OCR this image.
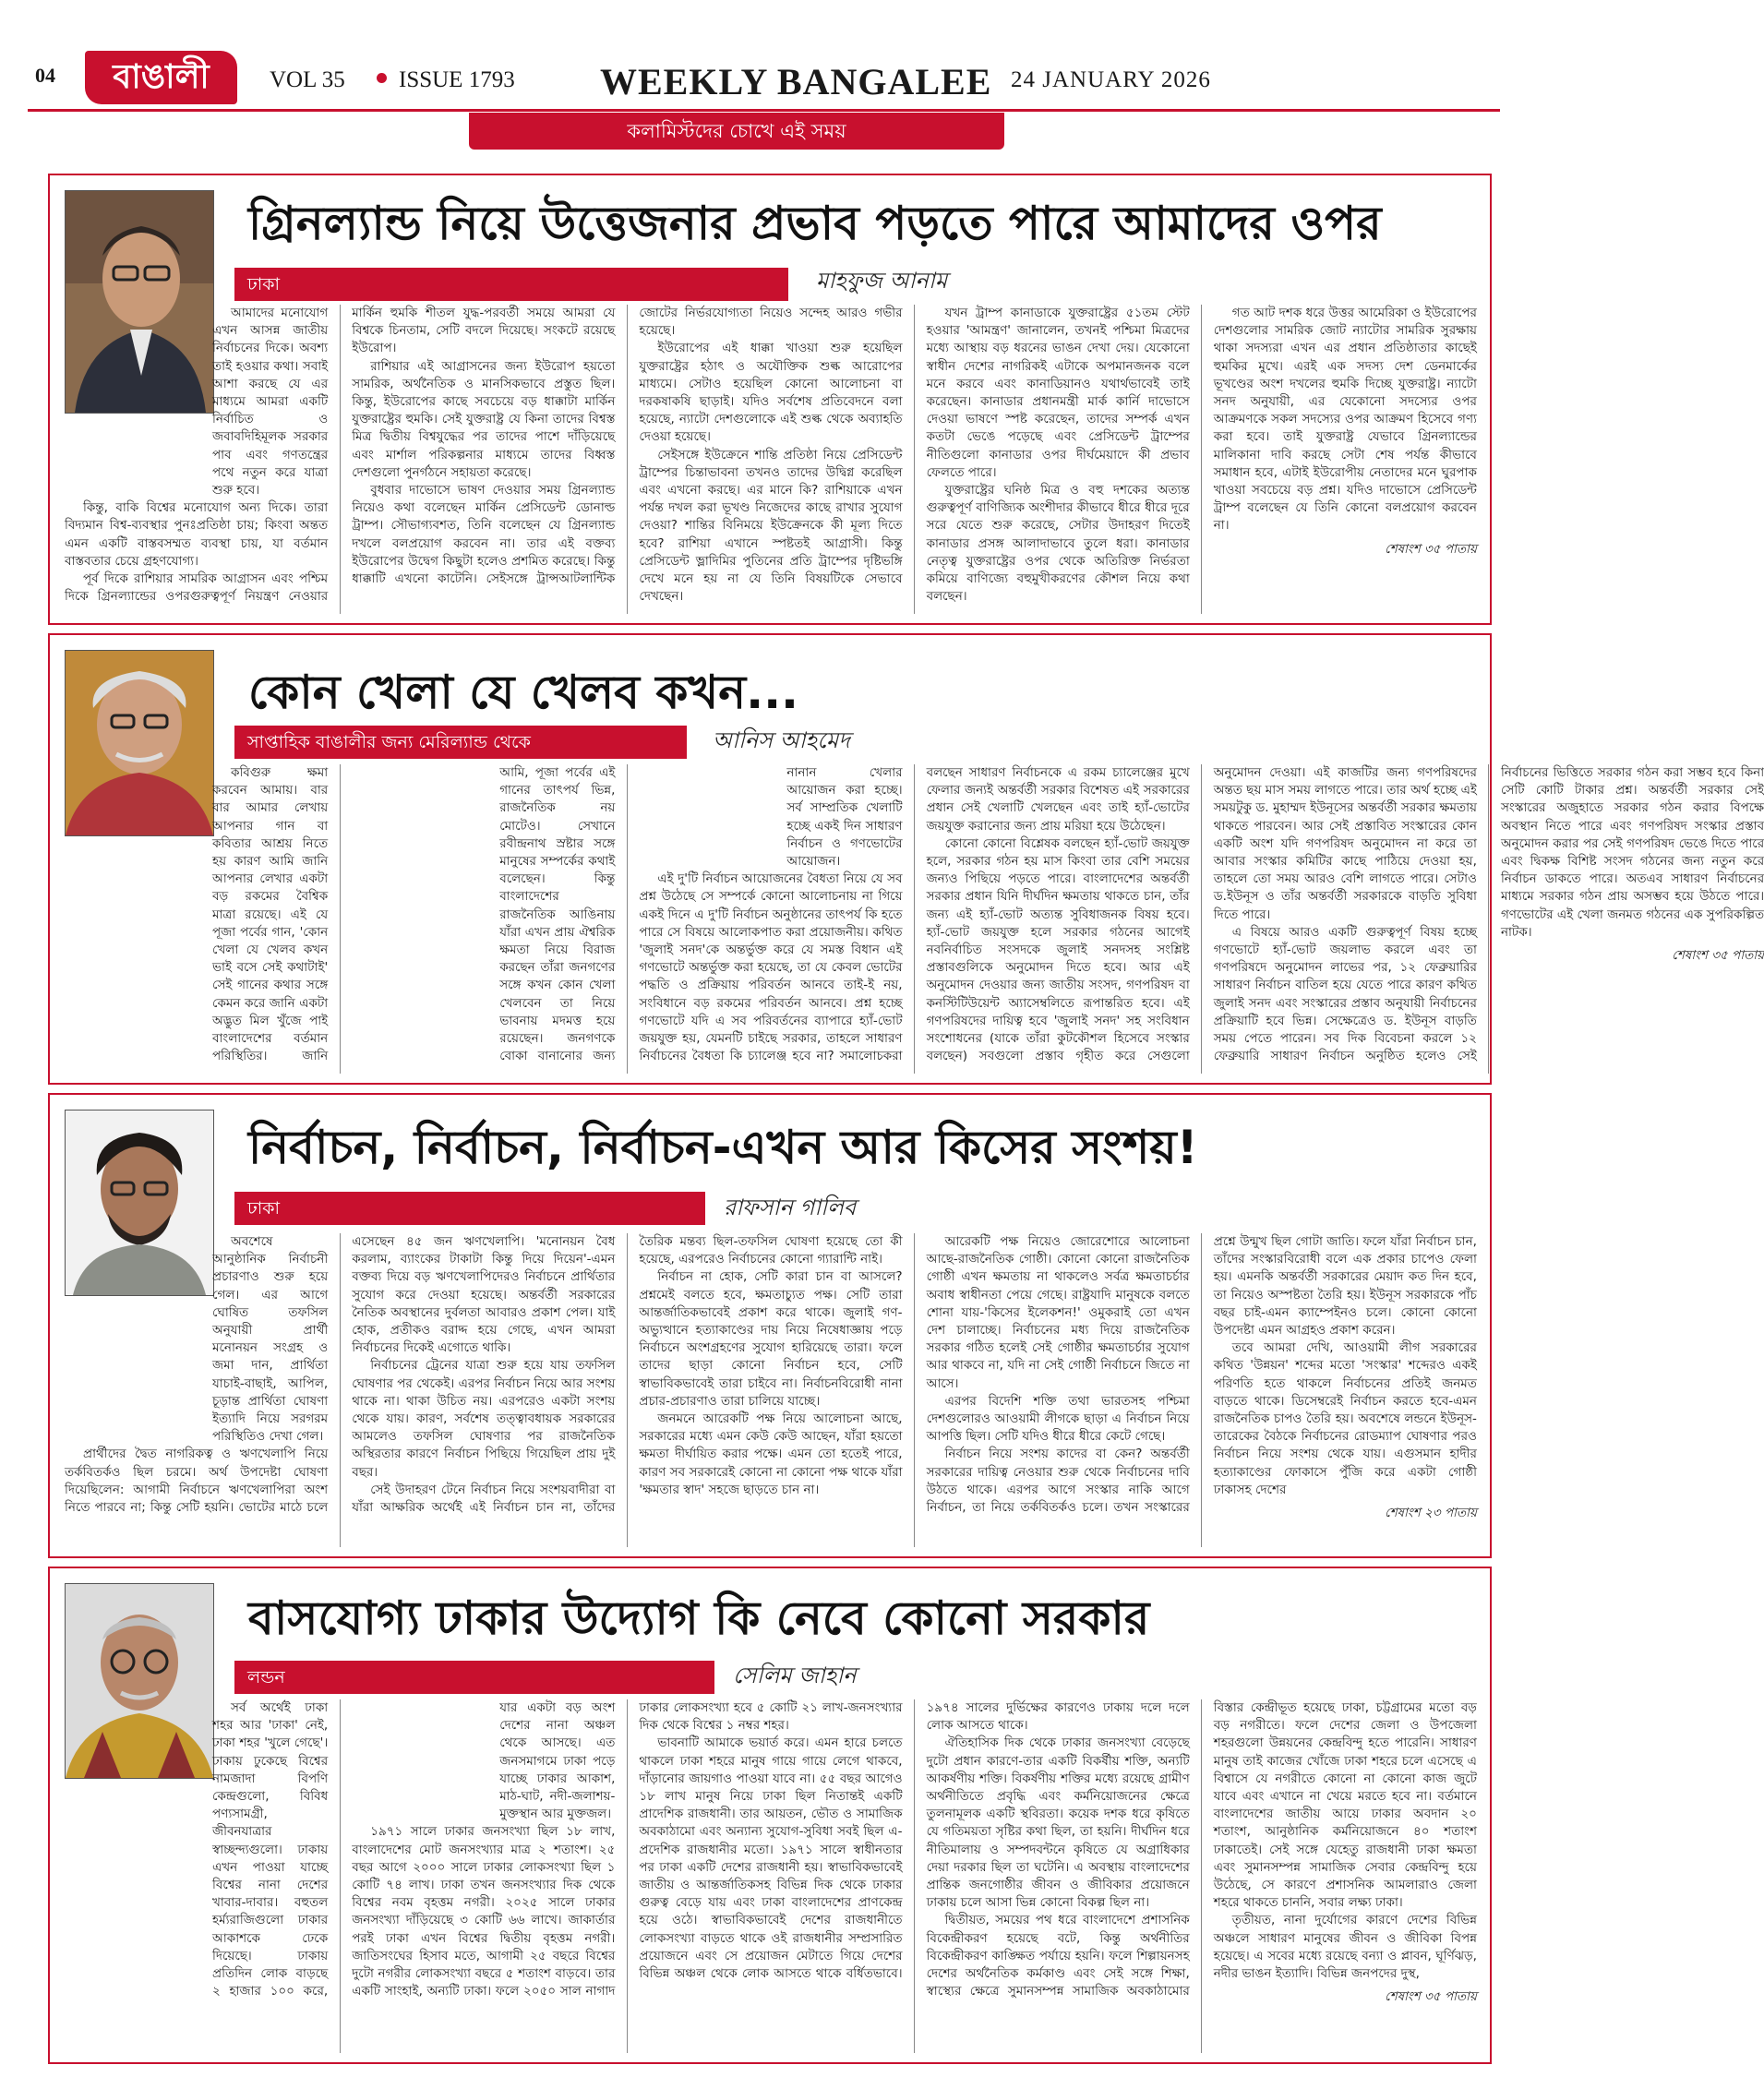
04	বাঙালী	VOL 35 ISSUE 1793 WEEKLY BANGALEE 24 JANUARY 2026
কলামিস্টদের চোখে এই সময়
গ্রিনল্যান্ড নিয়ে উত্তেজনার প্রভাব পড়তে পারে আমাদের ওপর
ঢাকা	মাহফুজ আনাম

আমাদের মনোযোগ এখন আসন্ন জাতীয় নির্বাচনের দিকে। অবশ্য তাই হওয়ার কথা। সবাই আশা করছে যে এর মাধ্যমে আমরা একটি নির্বাচিত ও জবাবদিহিমূলক সরকার পাব এবং গণতন্ত্রের পথে নতুন করে যাত্রা শুরু হবে।

কিন্তু, বাকি বিশ্বের মনোযোগ অন্য দিকে। তারা বিদ্যমান বিশ্ব-ব্যবস্থার পুনঃপ্রতিষ্ঠা চায়; কিংবা অন্তত এমন একটি বাস্তবসম্মত ব্যবস্থা চায়, যা বর্তমান বাস্তবতার চেয়ে গ্রহণযোগ্য।

পূর্ব দিকে রাশিয়ার সামরিক আগ্রাসন এবং পশ্চিম দিকে গ্রিনল্যান্ডের ওপরগুরুত্বপূর্ণ নিয়ন্ত্রণ নেওয়ার মার্কিন হুমকি শীতল যুদ্ধ-পরবর্তী সময়ে আমরা যে বিশ্বকে চিনতাম, সেটি বদলে দিয়েছে। সংকটে রয়েছে ইউরোপ।

রাশিয়ার এই আগ্রাসনের জন্য ইউরোপ হয়তো সামরিক, অর্থনৈতিক ও মানসিকভাবে প্রস্তুত ছিল। কিন্তু, ইউরোপের কাছে সবচেয়ে বড় ধাক্কাটা মার্কিন যুক্তরাষ্ট্রের হুমকি। সেই যুক্তরাষ্ট্র যে কিনা তাদের বিশ্বস্ত মিত্র দ্বিতীয় বিশ্বযুদ্ধের পর তাদের পাশে দাঁড়িয়েছে এবং মার্শাল পরিকল্পনার মাধ্যমে তাদের বিধ্বস্ত দেশগুলো পুনর্গঠনে সহায়তা করেছে।

বুধবার দাভোসে ভাষণ দেওয়ার সময় গ্রিনল্যান্ড নিয়েও কথা বলেছেন মার্কিন প্রেসিডেন্ট ডোনাল্ড ট্রাম্প। সৌভাগ্যবশত, তিনি বলেছেন যে গ্রিনল্যান্ড দখলে বলপ্রয়োগ করবেন না। তার এই বক্তব্য ইউরোপের উদ্বেগ কিছুটা হলেও প্রশমিত করেছে। কিন্তু ধাক্কাটি এখনো কাটেনি। সেইসঙ্গে ট্রান্সআটলান্টিক জোটের নির্ভরযোগ্যতা নিয়েও সন্দেহ আরও গভীর হয়েছে।

ইউরোপের এই ধাক্কা খাওয়া শুরু হয়েছিল যুক্তরাষ্ট্রের হঠাৎ ও অযৌক্তিক শুল্ক আরোপের মাধ্যমে। সেটাও হয়েছিল কোনো আলোচনা বা দরকষাকষি ছাড়াই। যদিও সর্বশেষ প্রতিবেদনে বলা হয়েছে, ন্যাটো দেশগুলোকে এই শুল্ক থেকে অব্যাহতি দেওয়া হয়েছে।

সেইসঙ্গে ইউক্রেনে শান্তি প্রতিষ্ঠা নিয়ে প্রেসিডেন্ট ট্রাম্পের চিন্তাভাবনা তখনও তাদের উদ্বিগ্ন করেছিল এবং এখনো করছে। এর মানে কি? রাশিয়াকে এখন পর্যন্ত দখল করা ভূখণ্ড নিজেদের কাছে রাখার সুযোগ দেওয়া? শান্তির বিনিময়ে ইউক্রেনকে কী মূল্য দিতে হবে? রাশিয়া এখানে স্পষ্টতই আগ্রাসী। কিন্তু প্রেসিডেন্ট ভ্লাদিমির পুতিনের প্রতি ট্রাম্পের দৃষ্টিভঙ্গি দেখে মনে হয় না যে তিনি বিষয়টিকে সেভাবে দেখছেন।

যখন ট্রাম্প কানাডাকে যুক্তরাষ্ট্রের ৫১তম স্টেট হওয়ার 'আমন্ত্রণ' জানালেন, তখনই পশ্চিমা মিত্রদের মধ্যে আস্থায় বড় ধরনের ভাঙন দেখা দেয়। যেকোনো স্বাধীন দেশের নাগরিকই এটাকে অপমানজনক বলে মনে করবে এবং কানাডিয়ানও যথার্থভাবেই তাই করেছেন। কানাডার প্রধানমন্ত্রী মার্ক কার্নি দাভোসে দেওয়া ভাষণে স্পষ্ট করেছেন, তাদের সম্পর্ক এখন কতটা ভেঙে পড়েছে এবং প্রেসিডেন্ট ট্রাম্পের নীতিগুলো কানাডার ওপর দীর্ঘমেয়াদে কী প্রভাব ফেলতে পারে।

যুক্তরাষ্ট্রের ঘনিষ্ঠ মিত্র ও বহু দশকের অত্যন্ত গুরুত্বপূর্ণ বাণিজ্যিক অংশীদার কীভাবে ধীরে ধীরে দূরে সরে যেতে শুরু করেছে, সেটার উদাহরণ দিতেই কানাডার প্রসঙ্গ আলাদাভাবে তুলে ধরা। কানাডার নেতৃত্ব যুক্তরাষ্ট্রের ওপর থেকে অতিরিক্ত নির্ভরতা কমিয়ে বাণিজ্যে বহুমুখীকরণের কৌশল নিয়ে কথা বলছেন।

গত আট দশক ধরে উত্তর আমেরিকা ও ইউরোপের দেশগুলোর সামরিক জোট ন্যাটোর সামরিক সুরক্ষায় থাকা সদস্যরা এখন এর প্রধান প্রতিষ্ঠাতার কাছেই হুমকির মুখে। এরই এক সদস্য দেশ ডেনমার্কের ভূখণ্ডের অংশ দখলের হুমকি দিচ্ছে যুক্তরাষ্ট্র। ন্যাটো সনদ অনুযায়ী, এর যেকোনো সদস্যের ওপর আক্রমণকে সকল সদস্যের ওপর আক্রমণ হিসেবে গণ্য করা হবে। তাই যুক্তরাষ্ট্র যেভাবে গ্রিনল্যান্ডের মালিকানা দাবি করছে সেটা শেষ পর্যন্ত কীভাবে সমাধান হবে, এটাই ইউরোপীয় নেতাদের মনে ঘুরপাক খাওয়া সবচেয়ে বড় প্রশ্ন। যদিও দাভোসে প্রেসিডেন্ট ট্রাম্প বলেছেন যে তিনি কোনো বলপ্রয়োগ করবেন না।

শেষাংশ ৩৫ পাতায়

কোন খেলা যে খেলব কখন...
সাপ্তাহিক বাঙালীর জন্য মেরিল্যান্ড থেকে	আনিস আহমেদ

কবিগুরু ক্ষমা করবেন আমায়। বার বার আমার লেখায় আপনার গান বা কবিতার আশ্রয় নিতে হয় কারণ আমি জানি আপনার লেখার একটা বড় রকমের বৈশ্বিক মাত্রা রয়েছে। এই যে পূজা পর্বের গান, 'কোন খেলা যে খেলব কখন ভাই বসে সেই কথাটাই' সেই গানের কথার সঙ্গে কেমন করে জানি একটা অদ্ভুত মিল খুঁজে পাই বাংলাদেশের বর্তমান পরিস্থিতির। জানি আমি, পূজা পর্বের এই গানের তাৎপর্য ভিন্ন, রাজনৈতিক নয় মোটেও। সেখানে রবীন্দ্রনাথ স্রষ্টার সঙ্গে মানুষের সম্পর্কের কথাই বলেছেন। কিন্তু বাংলাদেশের রাজনৈতিক আঙিনায় যাঁরা এখন প্রায় ঐশ্বরিক ক্ষমতা নিয়ে বিরাজ করছেন তাঁরা জনগণের সঙ্গে কখন কোন খেলা খেলবেন তা নিয়ে ভাবনায় মদমত্ত হয়ে রয়েছেন। জনগণকে বোকা বানানোর জন্য নানান খেলার আয়োজন করা হচ্ছে। সর্ব সাম্প্রতিক খেলাটি হচ্ছে একই দিন সাধারণ নির্বাচন ও গণভোটের আয়োজন।

এই দু'টি নির্বাচন আয়োজনের বৈধতা নিয়ে যে সব প্রশ্ন উঠেছে সে সম্পর্কে কোনো আলোচনায় না গিয়ে একই দিনে এ দু'টি নির্বাচন অনুষ্ঠানের তাৎপর্য কি হতে পারে সে বিষয়ে আলোকপাত করা প্রয়োজনীয়। কথিত 'জুলাই সনদ'কে অন্তর্ভুক্ত করে যে সমস্ত বিধান এই গণভোটে অন্তর্ভুক্ত করা হয়েছে, তা যে কেবল ভোটের পদ্ধতি ও প্রক্রিয়ায় পরিবর্তন আনবে তাই-ই নয়, সংবিধানে বড় রকমের পরিবর্তন আনবে। প্রশ্ন হচ্ছে গণভোটে যদি এ সব পরিবর্তনের ব্যাপারে হ্যাঁ-ভোট জয়যুক্ত হয়, যেমনটি চাইছে সরকার, তাহলে সাধারণ নির্বাচনের বৈধতা কি চ্যালেঞ্জ হবে না? সমালোচকরা বলছেন সাধারণ নির্বাচনকে এ রকম চ্যালেঞ্জের মুখে ফেলার জন্যই অন্তর্বর্তী সরকার বিশেষত এই সরকারের প্রধান সেই খেলাটি খেলছেন এবং তাই হ্যাঁ-ভোটের জয়যুক্ত করানোর জন্য প্রায় মরিয়া হয়ে উঠেছেন।

কোনো কোনো বিশ্লেষক বলছেন হ্যাঁ-ভোট জয়যুক্ত হলে, সরকার গঠন হয় মাস কিংবা তার বেশি সময়ের জন্যও পিছিয়ে পড়তে পারে। বাংলাদেশের অন্তর্বর্তী সরকার প্রধান যিনি দীর্ঘদিন ক্ষমতায় থাকতে চান, তাঁর জন্য এই হ্যাঁ-ভোট অত্যন্ত সুবিধাজনক বিষয় হবে। হ্যাঁ-ভোট জয়যুক্ত হলে সরকার গঠনের আগেই নবনির্বাচিত সংসদকে জুলাই সনদসহ সংশ্লিষ্ট প্রস্তাবগুলিকে অনুমোদন দিতে হবে। আর এই অনুমোদন দেওয়ার জন্য জাতীয় সংসদ, গণপরিষদ বা কনস্টিটিউয়েন্ট অ্যাসেম্বলিতে রূপান্তরিত হবে। এই গণপরিষদের দায়িত্ব হবে 'জুলাই সনদ' সহ সংবিধান সংশোধনের (যাকে তাঁরা কুটকৌশল হিসেবে সংস্কার বলছেন) সবগুলো প্রস্তাব গৃহীত করে সেগুলো অনুমোদন দেওয়া। এই কাজটির জন্য গণপরিষদের অন্তত ছয় মাস সময় লাগতে পারে। তার অর্থ হচ্ছে এই সময়টুকু ড. মুহাম্মদ ইউনূসের অন্তর্বর্তী সরকার ক্ষমতায় থাকতে পারবেন। আর সেই প্রস্তাবিত সংস্কারের কোন একটি অংশ যদি গণপরিষদ অনুমোদন না করে তা আবার সংস্কার কমিটির কাছে পাঠিয়ে দেওয়া হয়, তাহলে তো সময় আরও বেশি লাগতে পারে। সেটাও ড.ইউনূস ও তাঁর অন্তর্বর্তী সরকারকে বাড়তি সুবিধা দিতে পারে।

এ বিষয়ে আরও একটি গুরুত্বপূর্ণ বিষয় হচ্ছে গণভোটে হ্যাঁ-ভোট জয়লাভ করলে এবং তা গণপরিষদে অনুমোদন লাভের পর, ১২ ফেব্রুয়ারির সাধারণ নির্বাচন বাতিল হয়ে যেতে পারে কারণ কথিত জুলাই সনদ এবং সংস্কারের প্রস্তাব অনুযায়ী নির্বাচনের প্রক্রিয়াটি হবে ভিন্ন। সেক্ষেত্রেও ড. ইউনূস বাড়তি সময় পেতে পারেন। সব দিক বিবেচনা করলে ১২ ফেব্রুয়ারি সাধারণ নির্বাচন অনুষ্ঠিত হলেও সেই নির্বাচনের ভিত্তিতে সরকার গঠন করা সম্ভব হবে কিনা সেটি কোটি টাকার প্রশ্ন। অন্তর্বর্তী সরকার সেই সংস্কারের অজুহাতে সরকার গঠন করার বিপক্ষে অবস্থান নিতে পারে এবং গণপরিষদ সংস্কার প্রস্তাব অনুমোদন করার পর সেই গণপরিষদ ভেঙে দিতে পারে এবং দ্বিকক্ষ বিশিষ্ট সংসদ গঠনের জন্য নতুন করে নির্বাচন ডাকতে পারে। অতএব সাধারণ নির্বাচনের মাধ্যমে সরকার গঠন প্রায় অসম্ভব হয়ে উঠতে পারে। গণভোটের এই খেলা জনমত গঠনের এক সুপরিকল্পিত নাটক।

শেষাংশ ৩৫ পাতায়

নির্বাচন, নির্বাচন, নির্বাচন-এখন আর কিসের সংশয়!
ঢাকা	রাফসান গালিব

অবশেষে আনুষ্ঠানিক নির্বাচনী প্রচারণাও শুরু হয়ে গেল। এর আগে ঘোষিত তফসিল অনুযায়ী প্রার্থী মনোনয়ন সংগ্রহ ও জমা দান, প্রার্থিতা যাচাই-বাছাই, আপিল, চূড়ান্ত প্রার্থিতা ঘোষণা ইত্যাদি নিয়ে সরগরম পরিস্থিতিও দেখা গেল।

প্রার্থীদের দ্বৈত নাগরিকত্ব ও ঋণখেলাপি নিয়ে তর্কবিতর্কও ছিল চরমে। অর্থ উপদেষ্টা ঘোষণা দিয়েছিলেন: আগামী নির্বাচনে ঋণখেলাপিরা অংশ নিতে পারবে না; কিন্তু সেটি হয়নি। ভোটের মাঠে চলে এসেছেন ৪৫ জন ঋণখেলাপি। 'মনোনয়ন বৈধ করলাম, ব্যাংকের টাকাটা কিন্তু দিয়ে দিয়েন'-এমন বক্তব্য দিয়ে বড় ঋণখেলাপিদেরও নির্বাচনে প্রার্থিতার সুযোগ করে দেওয়া হয়েছে। অন্তর্বর্তী সরকারের নৈতিক অবস্থানের দুর্বলতা আবারও প্রকাশ পেল। যাই হোক, প্রতীকও বরাদ্দ হয়ে গেছে, এখন আমরা নির্বাচনের দিকেই এগোতে থাকি।

নির্বাচনের ট্রেনের যাত্রা শুরু হয়ে যায় তফসিল ঘোষণার পর থেকেই। এরপর নির্বাচন নিয়ে আর সংশয় থাকে না। থাকা উচিত নয়। এরপরেও একটা সংশয় থেকে যায়। কারণ, সর্বশেষ তত্ত্বাবধায়ক সরকারের আমলেও তফসিল ঘোষণার পর রাজনৈতিক অস্থিরতার কারণে নির্বাচন পিছিয়ে গিয়েছিল প্রায় দুই বছর।

সেই উদাহরণ টেনে নির্বাচন নিয়ে সংশয়বাদীরা বা যাঁরা আক্ষরিক অর্থেই এই নির্বাচন চান না, তাঁদের তৈরিক মন্তব্য ছিল-তফসিল ঘোষণা হয়েছে তো কী হয়েছে, এরপরেও নির্বাচনের কোনো গ্যারান্টি নাই।

নির্বাচন না হোক, সেটি কারা চান বা আসলে? প্রশ্নমেই বলতে হবে, ক্ষমতাচ্যুত পক্ষ। সেটি তারা আন্তর্জাতিকভাবেই প্রকাশ করে থাকে। জুলাই গণ-অভ্যুত্থানে হত্যাকাণ্ডের দায় নিয়ে নিষেধাজ্ঞায় পড়ে নির্বাচনে অংশগ্রহণের সুযোগ হারিয়েছে তারা। ফলে তাদের ছাড়া কোনো নির্বাচন হবে, সেটি স্বাভাবিকভাবেই তারা চাইবে না। নির্বাচনবিরোধী নানা প্রচার-প্রচারণাও তারা চালিয়ে যাচ্ছে।

জনমনে আরেকটি পক্ষ নিয়ে আলোচনা আছে, সরকারের মধ্যে এমন কেউ কেউ আছেন, যাঁরা হয়তো ক্ষমতা দীর্ঘায়িত করার পক্ষে। এমন তো হতেই পারে, কারণ সব সরকারেই কোনো না কোনো পক্ষ থাকে যাঁরা 'ক্ষমতার স্বাদ' সহজে ছাড়তে চান না।

আরেকটি পক্ষ নিয়েও জোরেশোরে আলোচনা আছে-রাজনৈতিক গোষ্ঠী। কোনো কোনো রাজনৈতিক গোষ্ঠী এখন ক্ষমতায় না থাকলেও সর্বত্র ক্ষমতাচর্চার অবাধ স্বাধীনতা পেয়ে গেছে। রাষ্ট্রযাদি মানুষকে বলতে শোনা যায়-'কিসের ইলেকশন!' ওমুকরাই তো এখন দেশ চালাচ্ছে। নির্বাচনের মধ্য দিয়ে রাজনৈতিক সরকার গঠিত হলেই সেই গোষ্ঠীর ক্ষমতাচর্চার সুযোগ আর থাকবে না, যদি না সেই গোষ্ঠী নির্বাচনে জিতে না আসে।

এরপর বিদেশি শক্তি তথা ভারতসহ পশ্চিমা দেশগুলোরও আওয়ামী লীগকে ছাড়া এ নির্বাচন নিয়ে আপত্তি ছিল। সেটি যদিও ধীরে ধীরে কেটে গেছে।

নির্বাচন নিয়ে সংশয় কাদের বা কেন? অন্তর্বর্তী সরকারের দায়িত্ব নেওয়ার শুরু থেকে নির্বাচনের দাবি উঠতে থাকে। এরপর আগে সংস্কার নাকি আগে নির্বাচন, তা নিয়ে তর্কবিতর্কও চলে। তখন সংস্কারের প্রশ্নে উন্মুখ ছিল গোটা জাতি। ফলে যাঁরা নির্বাচন চান, তাঁদের সংস্কারবিরোধী বলে এক প্রকার চাপেও ফেলা হয়। এমনকি অন্তর্বর্তী সরকারের মেয়াদ কত দিন হবে, তা নিয়েও অস্পষ্টতা তৈরি হয়। ইউনূস সরকারকে পাঁচ বছর চাই-এমন ক্যাম্পেইনও চলে। কোনো কোনো উপদেষ্টা এমন আগ্রহও প্রকাশ করেন।

তবে আমরা দেখি, আওয়ামী লীগ সরকারের কথিত 'উন্নয়ন' শব্দের মতো 'সংস্কার' শব্দেরও একই পরিণতি হতে থাকলে নির্বাচনের প্রতিই জনমত বাড়তে থাকে। ডিসেম্বরেই নির্বাচন করতে হবে-এমন রাজনৈতিক চাপও তৈরি হয়। অবশেষে লন্ডনে ইউনূস-তারেকের বৈঠকে নির্বাচনের রোডম্যাপ ঘোষণার পরও নির্বাচন নিয়ে সংশয় থেকে যায়। এগুসমান হাদীর হত্যাকাণ্ডের ফোকাসে পুঁজি করে একটা গোষ্ঠী ঢাকাসহ দেশের

শেষাংশ ২৩ পাতায়

বাসযোগ্য ঢাকার উদ্যোগ কি নেবে কোনো সরকার
লন্ডন	সেলিম জাহান

সর্ব অর্থেই ঢাকা শহর আর 'ঢাকা' নেই, ঢাকা শহর 'খুলে গেছে'। ঢাকায় ঢুকেছে বিশ্বের নামজাদা বিপণি কেন্দ্রগুলো, বিবিধ পণ্যসামগ্রী, জীবনযাত্রার স্বাচ্ছন্দ্যগুলো। ঢাকায় এখন পাওয়া যাচ্ছে বিশ্বের নানা দেশের খাবার-দাবার। বহুতল হর্ম্যরাজিগুলো ঢাকার আকাশকে ঢেকে দিয়েছে। ঢাকায় প্রতিদিন লোক বাড়ছে ২ হাজার ১০০ করে, যার একটা বড় অংশ দেশের নানা অঞ্চল থেকে আসছে। এত জনসমাগমে ঢাকা পড়ে যাচ্ছে ঢাকার আকাশ, মাঠ-ঘাট, নদী-জলাশয়-মুক্তস্থান আর মুক্তজল।

১৯৭১ সালে ঢাকার জনসংখ্যা ছিল ১৮ লাখ, বাংলাদেশের মোট জনসংখ্যার মাত্র ২ শতাংশ। ২৫ বছর আগে ২০০০ সালে ঢাকার লোকসংখ্যা ছিল ১ কোটি ৭৪ লাখ। ঢাকা তখন জনসংখ্যার দিক থেকে বিশ্বের নবম বৃহত্তম নগরী। ২০২৫ সালে ঢাকার জনসংখ্যা দাঁড়িয়েছে ৩ কোটি ৬৬ লাখে। জাকার্তার পরই ঢাকা এখন বিশ্বের দ্বিতীয় বৃহত্তম নগরী। জাতিসংঘের হিসাব মতে, আগামী ২৫ বছরে বিশ্বের দুটো নগরীর লোকসংখ্যা বছরে ৫ শতাংশ বাড়বে। তার একটি সাংহাই, অন্যটি ঢাকা। ফলে ২০৫০ সাল নাগাদ ঢাকার লোকসংখ্যা হবে ৫ কোটি ২১ লাখ-জনসংখ্যার দিক থেকে বিশ্বের ১ নম্বর শহর।

ভাবনাটি আমাকে ভয়ার্ত করে। এমন হারে চলতে থাকলে ঢাকা শহরে মানুষ গায়ে গায়ে লেগে থাকবে, দাঁড়ানোর জায়গাও পাওয়া যাবে না। ৫৫ বছর আগেও ১৮ লাখ মানুষ নিয়ে ঢাকা ছিল নিতান্তই একটি প্রাদেশিক রাজধানী। তার আয়তন, ভৌত ও সামাজিক অবকাঠামো এবং অন্যান্য সুযোগ-সুবিধা সবই ছিল এ-প্রদেশিক রাজধানীর মতো। ১৯৭১ সালে স্বাধীনতার পর ঢাকা একটি দেশের রাজধানী হয়। স্বাভাবিকভাবেই জাতীয় ও আন্তর্জাতিকসহ বিভিন্ন দিক থেকে ঢাকার গুরুত্ব বেড়ে যায় এবং ঢাকা বাংলাদেশের প্রাণকেন্দ্র হয়ে ওঠে। স্বাভাবিকভাবেই দেশের রাজধানীতে লোকসংখ্যা বাড়তে থাকে ওই রাজধানীর সম্প্রসারিত প্রয়োজনে এবং সে প্রয়োজন মেটাতে গিয়ে দেশের বিভিন্ন অঞ্চল থেকে লোক আসতে থাকে বর্ধিতভাবে। ১৯৭৪ সালের দুর্ভিক্ষের কারণেও ঢাকায় দলে দলে লোক আসতে থাকে।

ঐতিহাসিক দিক থেকে ঢাকার জনসংখ্যা বেড়েছে দুটো প্রধান কারণে-তার একটি বিকর্ষীয় শক্তি, অন্যটি আকর্ষণীয় শক্তি। বিকর্ষণীয় শক্তির মধ্যে রয়েছে গ্রামীণ অর্থনীতিতে প্রবৃদ্ধি এবং কর্মনিয়োজনের ক্ষেত্রে তুলনামূলক একটি স্থবিরতা। কয়েক দশক ধরে কৃষিতে যে গতিময়তা সৃষ্টির কথা ছিল, তা হয়নি। দীর্ঘদিন ধরে নীতিমালায় ও সম্পদবন্টনে কৃষিতে যে অগ্রাধিকার দেয়া দরকার ছিল তা ঘটেনি। এ অবস্থায় বাংলাদেশের প্রান্তিক জনগোষ্ঠীর জীবন ও জীবিকার প্রয়োজনে ঢাকায় চলে আসা ভিন্ন কোনো বিকল্প ছিল না।

দ্বিতীয়ত, সময়ের পথ ধরে বাংলাদেশে প্রশাসনিক বিকেন্দ্রীকরণ হয়েছে বটে, কিন্তু অর্থনীতির বিকেন্দ্রীকরণ কাঙ্ক্ষিত পর্যায়ে হয়নি। ফলে শিল্পায়নসহ দেশের অর্থনৈতিক কর্মকাণ্ড এবং সেই সঙ্গে শিক্ষা, স্বাস্থ্যের ক্ষেত্রে সুমানসম্পন্ন সামাজিক অবকাঠামোর বিস্তার কেন্দ্রীভূত হয়েছে ঢাকা, চট্টগ্রামের মতো বড় বড় নগরীতে। ফলে দেশের জেলা ও উপজেলা শহরগুলো উন্নয়নের কেন্দ্রবিন্দু হতে পারেনি। সাধারণ মানুষ তাই কাজের খোঁজে ঢাকা শহরে চলে এসেছে এ বিশ্বাসে যে নগরীতে কোনো না কোনো কাজ জুটে যাবে এবং এখানে না খেয়ে মরতে হবে না। বর্তমানে বাংলাদেশের জাতীয় আয়ে ঢাকার অবদান ২০ শতাংশ, আনুষ্ঠানিক কর্মনিয়োজনে ৪০ শতাংশ ঢাকাতেই। সেই সঙ্গে যেহেতু রাজধানী ঢাকা ক্ষমতা এবং সুমানসম্পন্ন সামাজিক সেবার কেন্দ্রবিন্দু হয়ে উঠেছে, সে কারণে প্রশাসনিক আমলারাও জেলা শহরে থাকতে চাননি, সবার লক্ষ্য ঢাকা।

তৃতীয়ত, নানা দুর্যোগের কারণে দেশের বিভিন্ন অঞ্চলে সাধারণ মানুষের জীবন ও জীবিকা বিপন্ন হয়েছে। এ সবের মধ্যে রয়েছে বন্যা ও প্লাবন, ঘূর্ণিঝড়, নদীর ভাঙন ইত্যাদি। বিভিন্ন জনপদের দুস্থ,

শেষাংশ ৩৫ পাতায়
